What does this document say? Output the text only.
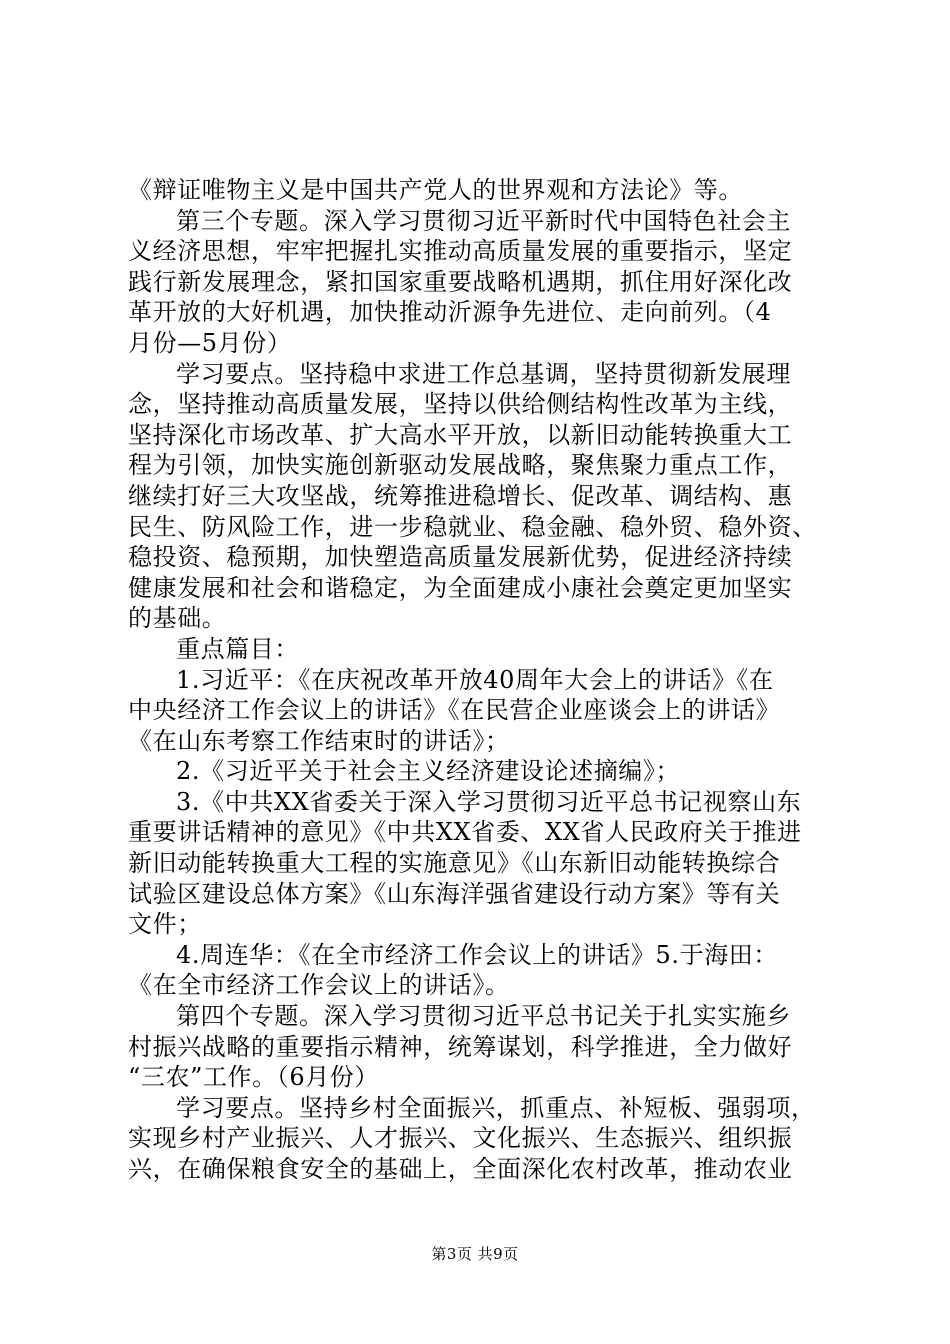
《辩证唯物主义是中国共产党人的世界观和方法论》等。
第三个专题。深入学习贯彻习近平新时代中国特色社会主
义经济思想，牢牢把握扎实推动高质量发展的重要指示，坚定
践行新发展理念，紧扣国家重要战略机遇期，抓住用好深化改
革开放的大好机遇，加快推动沂源争先进位、走向前列。（4
月份—5月份）
学习要点。坚持稳中求进工作总基调，坚持贯彻新发展理
念，坚持推动高质量发展，坚持以供给侧结构性改革为主线，
坚持深化市场改革、扩大高水平开放，以新旧动能转换重大工
程为引领，加快实施创新驱动发展战略，聚焦聚力重点工作，
继续打好三大攻坚战，统筹推进稳增长、促改革、调结构、惠
民生、防风险工作，进一步稳就业、稳金融、稳外贸、稳外资、
稳投资、稳预期，加快塑造高质量发展新优势，促进经济持续
健康发展和社会和谐稳定，为全面建成小康社会奠定更加坚实
的基础。
重点篇目：
1.习近平：《在庆祝改革开放40周年大会上的讲话》《在
中央经济工作会议上的讲话》《在民营企业座谈会上的讲话》
《在山东考察工作结束时的讲话》；
2.《习近平关于社会主义经济建设论述摘编》；
3.《中共XX省委关于深入学习贯彻习近平总书记视察山东
重要讲话精神的意见》《中共XX省委、XX省人民政府关于推进
新旧动能转换重大工程的实施意见》《山东新旧动能转换综合
试验区建设总体方案》《山东海洋强省建设行动方案》等有关
文件；
4.周连华：《在全市经济工作会议上的讲话》5.于海田：
《在全市经济工作会议上的讲话》。
第四个专题。深入学习贯彻习近平总书记关于扎实实施乡
村振兴战略的重要指示精神，统筹谋划，科学推进，全力做好
“三农”工作。（6月份）
学习要点。坚持乡村全面振兴，抓重点、补短板、强弱项，
实现乡村产业振兴、人才振兴、文化振兴、生态振兴、组织振
兴，在确保粮食安全的基础上，全面深化农村改革，推动农业
第3页 共9页
